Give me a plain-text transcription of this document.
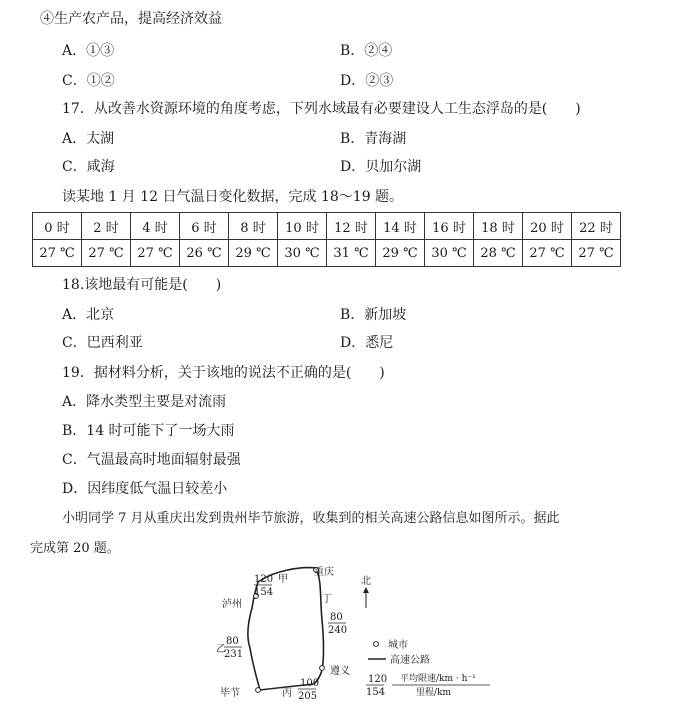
④生产农产品，提高经济效益
A．①③	B．②④
C．①②	D．②③
17．从改善水资源环境的角度考虑，下列水域最有必要建设人工生态浮岛的是(　　)
A．太湖	B．青海湖
C．咸海	D．贝加尔湖
读某地 1 月 12 日气温日变化数据，完成 18～19 题。
0 时	2 时	4 时	6 时	8 时	10 时	12 时	14 时	16 时	18 时	20 时	22 时
27 ℃	27 ℃	27 ℃	26 ℃	29 ℃	30 ℃	31 ℃	29 ℃	30 ℃	28 ℃	27 ℃	27 ℃
18.该地最有可能是(　　)
A．北京	B．新加坡
C．巴西利亚	D．悉尼
19．据材料分析，关于该地的说法不正确的是(　　)
A．降水类型主要是对流雨
B．14 时可能下了一场大雨
C．气温最高时地面辐射最强
D．因纬度低气温日较差小
小明同学 7 月从重庆出发到贵州毕节旅游，收集到的相关高速公路信息如图所示。据此
完成第 20 题。
重庆
泸州
遵义
毕节
甲
乙
丙
丁
120
154
80
240
80
231
100
205
北
城市
高速公路
120
154
平均限速/km · h⁻¹
里程/km
